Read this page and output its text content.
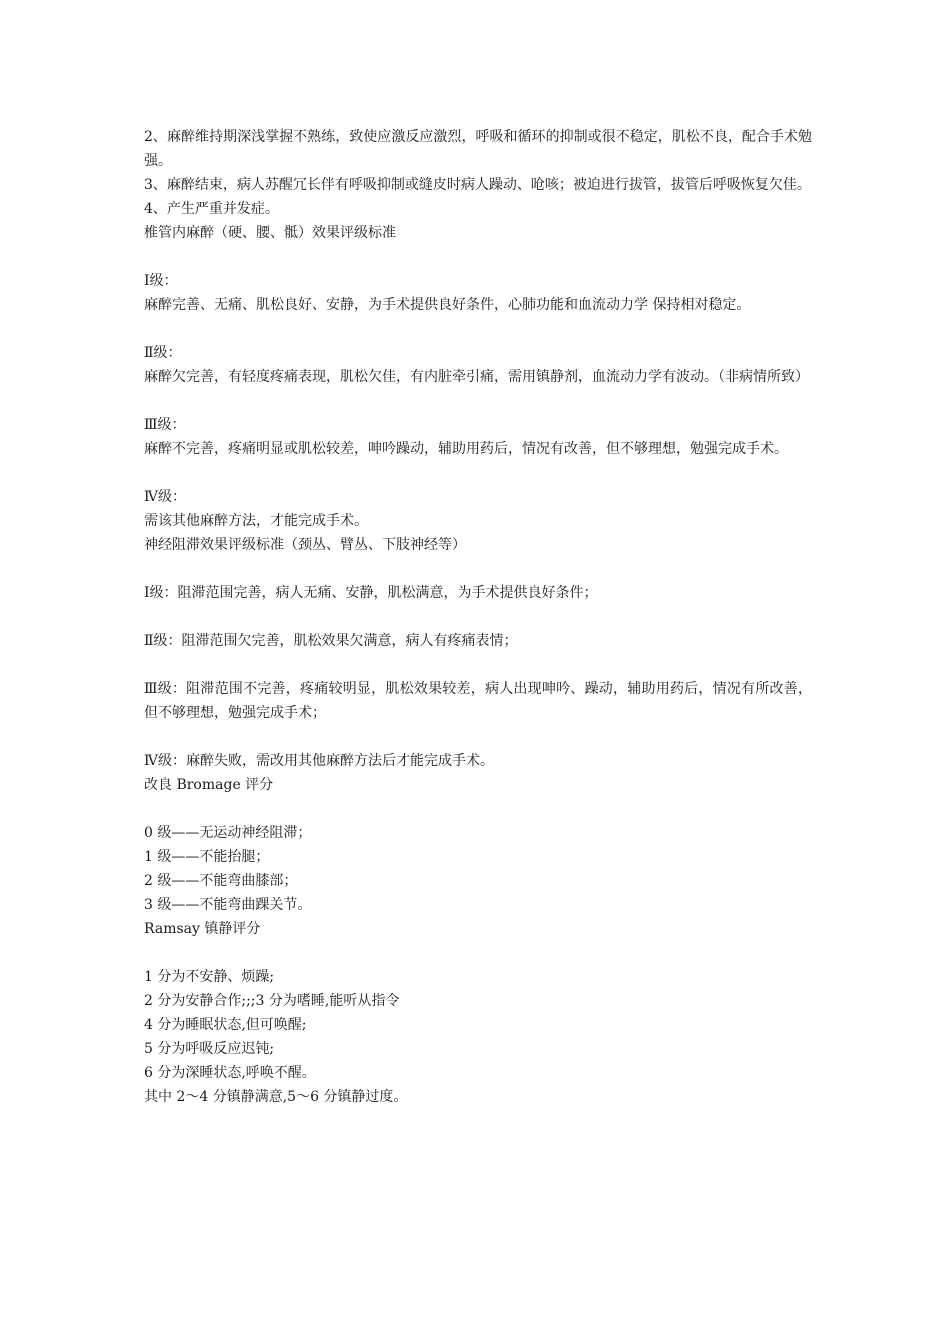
2、麻醉维持期深浅掌握不熟练，致使应激反应激烈，呼吸和循环的抑制或很不稳定，肌松不良，配合手术勉强。

3、麻醉结束，病人苏醒冗长伴有呼吸抑制或缝皮时病人躁动、呛咳；被迫进行拔管，拔管后呼吸恢复欠佳。

4、产生严重并发症。

椎管内麻醉（硬、腰、骶）效果评级标准

Ⅰ级：

麻醉完善、无痛、肌松良好、安静，为手术提供良好条件，心肺功能和血流动力学 保持相对稳定。

Ⅱ级：

麻醉欠完善，有轻度疼痛表现，肌松欠佳，有内脏牵引痛，需用镇静剂，血流动力学有波动。（非病情所致）

Ⅲ级：

麻醉不完善，疼痛明显或肌松较差，呻吟躁动，辅助用药后，情况有改善，但不够理想，勉强完成手术。

Ⅳ级：

需该其他麻醉方法，才能完成手术。

神经阻滞效果评级标准（颈丛、臂丛、下肢神经等）

Ⅰ级：阻滞范围完善，病人无痛、安静，肌松满意，为手术提供良好条件；

Ⅱ级：阻滞范围欠完善，肌松效果欠满意，病人有疼痛表情；

Ⅲ级：阻滞范围不完善，疼痛较明显，肌松效果较差，病人出现呻吟、躁动，辅助用药后，情况有所改善，但不够理想，勉强完成手术；

Ⅳ级：麻醉失败，需改用其他麻醉方法后才能完成手术。

改良 Bromage 评分

0 级——无运动神经阻滞；

1 级——不能抬腿；

2 级——不能弯曲膝部；

3 级——不能弯曲踝关节。

Ramsay 镇静评分

1 分为不安静、烦躁;

2 分为安静合作;;;3 分为嗜睡,能听从指令

4 分为睡眠状态,但可唤醒;

5 分为呼吸反应迟钝;

6 分为深睡状态,呼唤不醒。

其中 2～4 分镇静满意,5～6 分镇静过度。
